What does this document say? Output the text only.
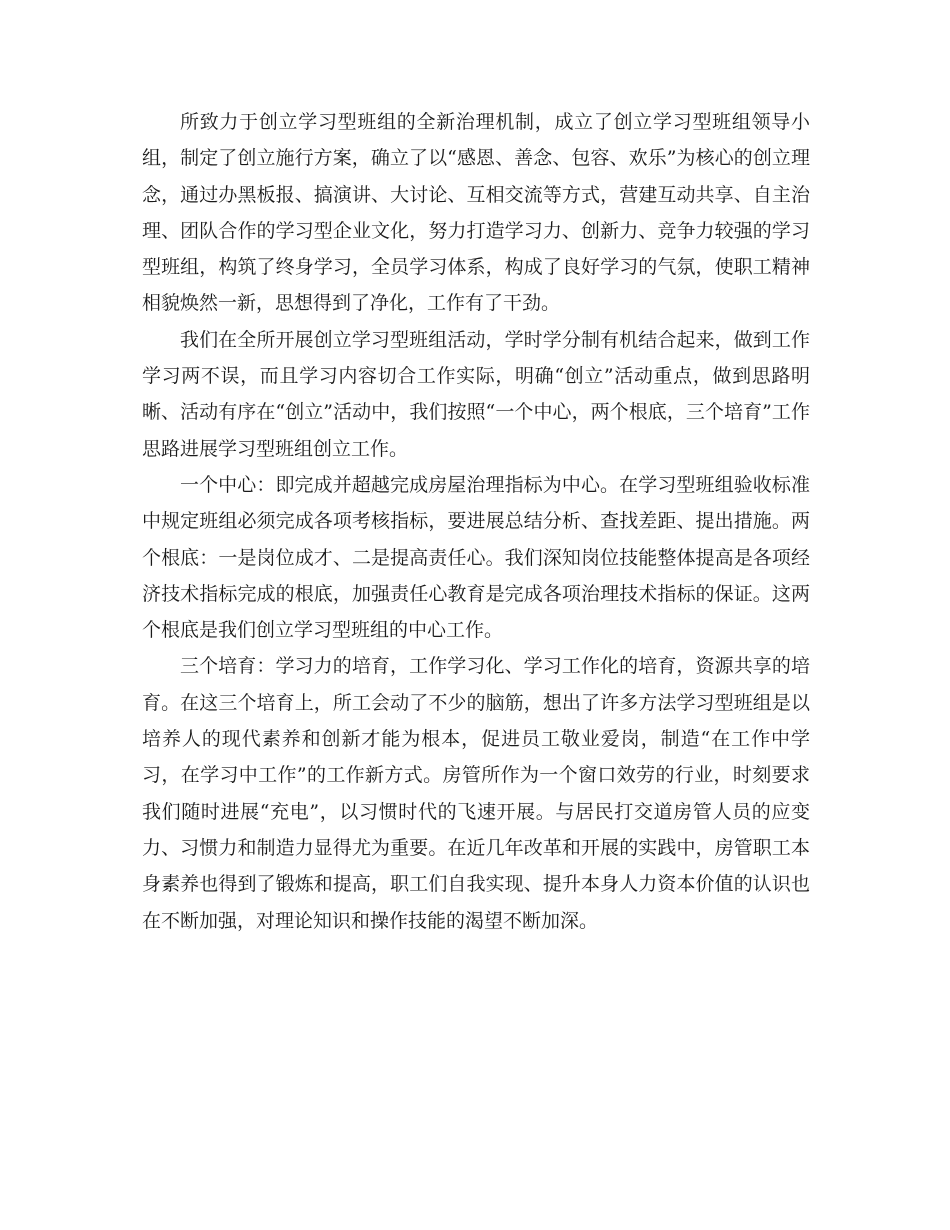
所致力于创立学习型班组的全新治理机制，成立了创立学习型班组领导小组，制定了创立施行方案，确立了以“感恩、善念、包容、欢乐”为核心的创立理念，通过办黑板报、搞演讲、大讨论、互相交流等方式，营建互动共享、自主治理、团队合作的学习型企业文化，努力打造学习力、创新力、竞争力较强的学习型班组，构筑了终身学习，全员学习体系，构成了良好学习的气氛，使职工精神相貌焕然一新，思想得到了净化，工作有了干劲。

我们在全所开展创立学习型班组活动，学时学分制有机结合起来，做到工作学习两不误，而且学习内容切合工作实际，明确“创立”活动重点，做到思路明晰、活动有序在“创立”活动中，我们按照“一个中心，两个根底，三个培育”工作思路进展学习型班组创立工作。

一个中心：即完成并超越完成房屋治理指标为中心。在学习型班组验收标准中规定班组必须完成各项考核指标，要进展总结分析、查找差距、提出措施。两个根底：一是岗位成才、二是提高责任心。我们深知岗位技能整体提高是各项经济技术指标完成的根底，加强责任心教育是完成各项治理技术指标的保证。这两个根底是我们创立学习型班组的中心工作。

三个培育：学习力的培育，工作学习化、学习工作化的培育，资源共享的培育。在这三个培育上，所工会动了不少的脑筋，想出了许多方法学习型班组是以培养人的现代素养和创新才能为根本，促进员工敬业爱岗，制造“在工作中学习，在学习中工作”的工作新方式。房管所作为一个窗口效劳的行业，时刻要求我们随时进展“充电”，以习惯时代的飞速开展。与居民打交道房管人员的应变力、习惯力和制造力显得尤为重要。在近几年改革和开展的实践中，房管职工本身素养也得到了锻炼和提高，职工们自我实现、提升本身人力资本价值的认识也在不断加强，对理论知识和操作技能的渴望不断加深。
